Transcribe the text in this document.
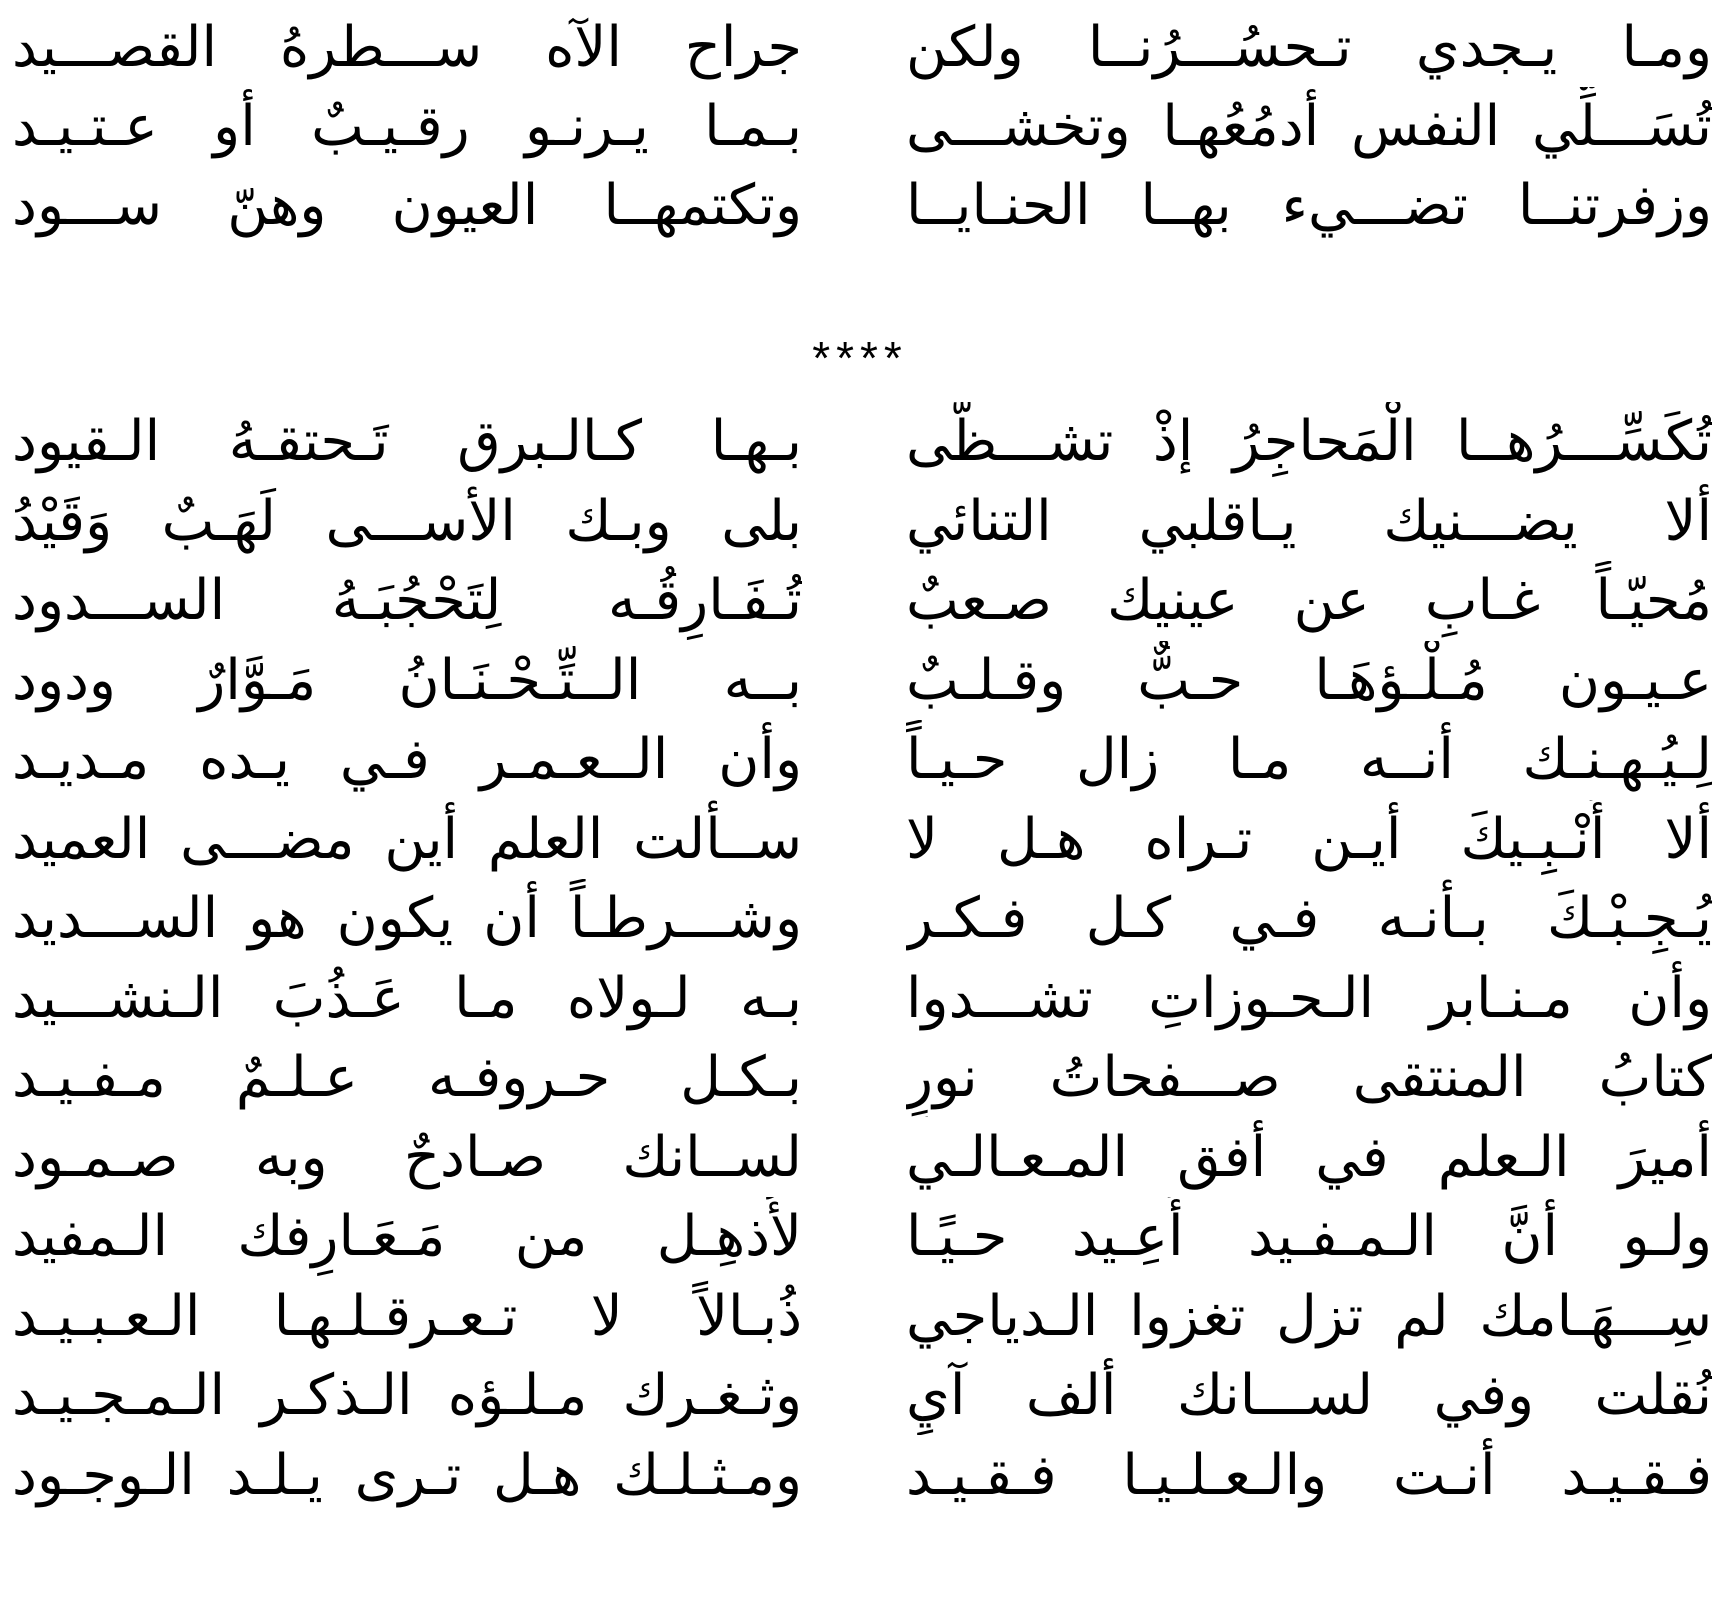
ومـا يـجدي تـحسُـــرُنــا ولكن
جراح الآه ســـطرهُ القصـــيد
تُسَـــلِّي النفس أدمُعُهـا وتخشـــى
بـمـا يـرنـو رقـيـبٌ أو عـتـيـد
وزفرتنــا تضـــيء بهــا الحنـايــا
وتكتمهــا العيون وهنّ ســـود
****
تُكَسِّـــرُهــا الْمَحاجِرُ إذْ تشـــظّى
بـهـا كـالـبرق تَـحتقـهُ الـقيود
ألا يضـــنيك يـاقلبي التنائي
بلى وبـك الأســـى لَهَـبٌ وَقَيْدُ
مُحيّـاً غـابِ عن عينيك صـعبٌ
تُـفَـارِقُـه لِتَحْجُبَـهُ الســـدود
عـيـون مُـلْـؤهَـا حـبٌّ وقـلـبٌ
بــه الــتِّـحْـنَـانُ مَـوَّارٌ ودود
لِـيُـهـنـك أنــه مـا زال حـيـاً
وأن الــعـمـر فـي يـده مـديـد
ألا أُنْـبِـيكَ أيـن تـراه هـل لا
ســألت العلم أين مضـــى العميد
يُـجِـبْـكَ بـأنـه فـي كـل فـكـر
وشـــرطـاً أن يكون هو الســـديد
وأن مـنـابر الـحـوزاتِ تشـــدوا
بـه لـولاه مـا عَـذُبَ الـنشـــيد
كتابُ المنتقى صـــفحاتُ نورٍ
بـكـل حـروفـه عـلـمٌ مـفـيـد
أميرَ الـعلم في أفق المـعـالـي
لســانك صـادحٌ وبه صـمـود
ولـو أنَّ الـمـفـيد أُعِـيد حـيًـا
لأُذهِـل من مَـعَـارِفك الـمفيد
سِـــهَـامك لم تزل تغزوا الـدياجي
ذُبـالاً لا تـعـرقـلـهـا الـعـبـيـد
نُقلت وفي لســـانك ألف آيٍ
وثـغـرك مـلـؤه الـذكـر الـمـجـيـد
فـقـيـد أنـت والـعـلـيـا فـقـيـد
ومـثـلـك هـل تـرى يـلـد الـوجـود
